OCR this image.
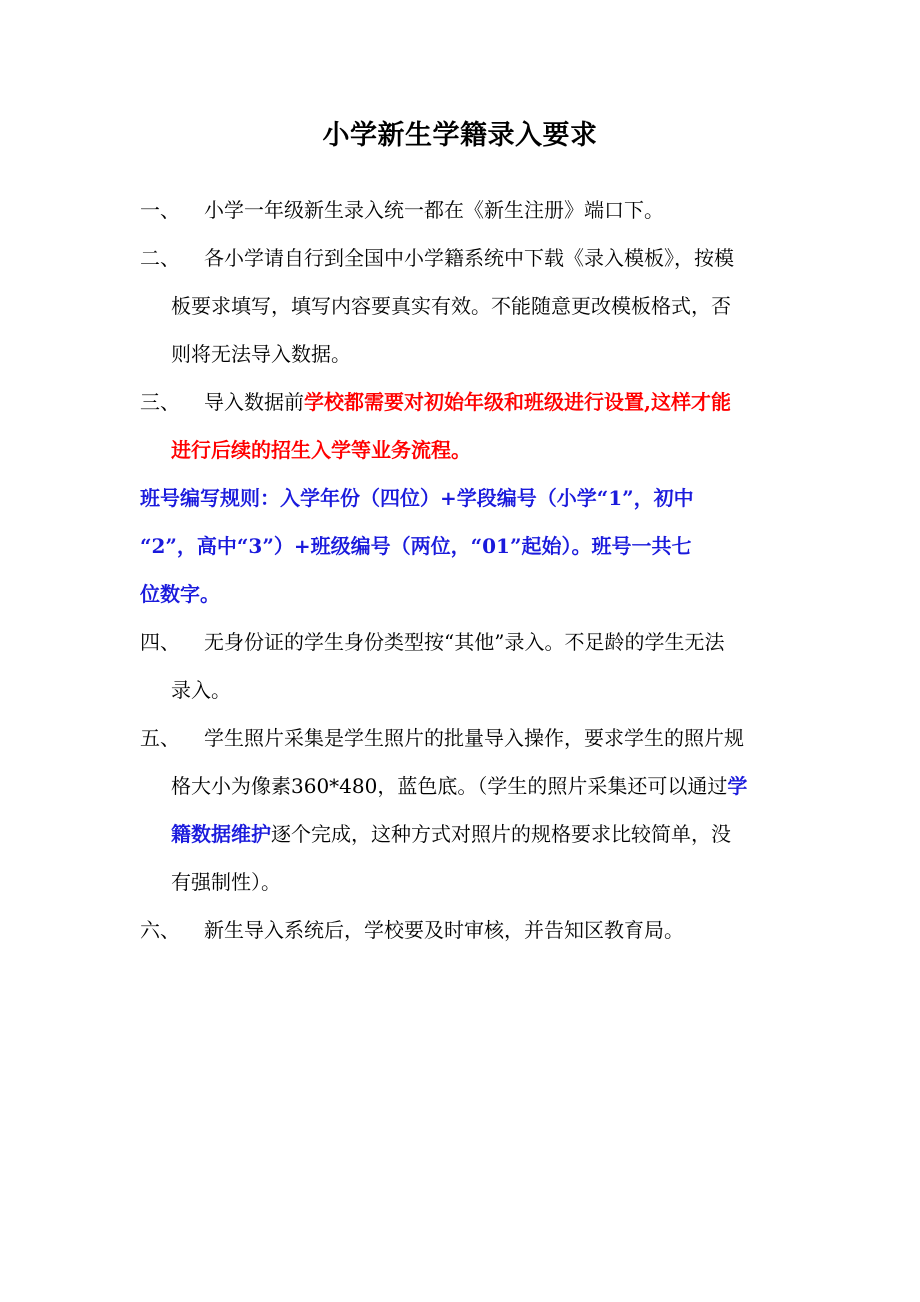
小学新生学籍录入要求
一、	小学一年级新生录入统一都在《新生注册》端口下。
二、	各小学请自行到全国中小学籍系统中下载《录入模板》，按模
板要求填写，填写内容要真实有效。不能随意更改模板格式，否
则将无法导入数据。
三、	导入数据前学校都需要对初始年级和班级进行设置,这样才能
进行后续的招生入学等业务流程。
班号编写规则：入学年份（四位）+学段编号（小学“1”，初中
“2”，高中“3”）+班级编号（两位，“01”起始）。班号一共七
位数字。
四、	无身份证的学生身份类型按“其他”录入。不足龄的学生无法
录入。
五、	学生照片采集是学生照片的批量导入操作，要求学生的照片规
格大小为像素360*480，蓝色底。（学生的照片采集还可以通过学
籍数据维护逐个完成，这种方式对照片的规格要求比较简单，没
有强制性）。
六、	新生导入系统后，学校要及时审核，并告知区教育局。
